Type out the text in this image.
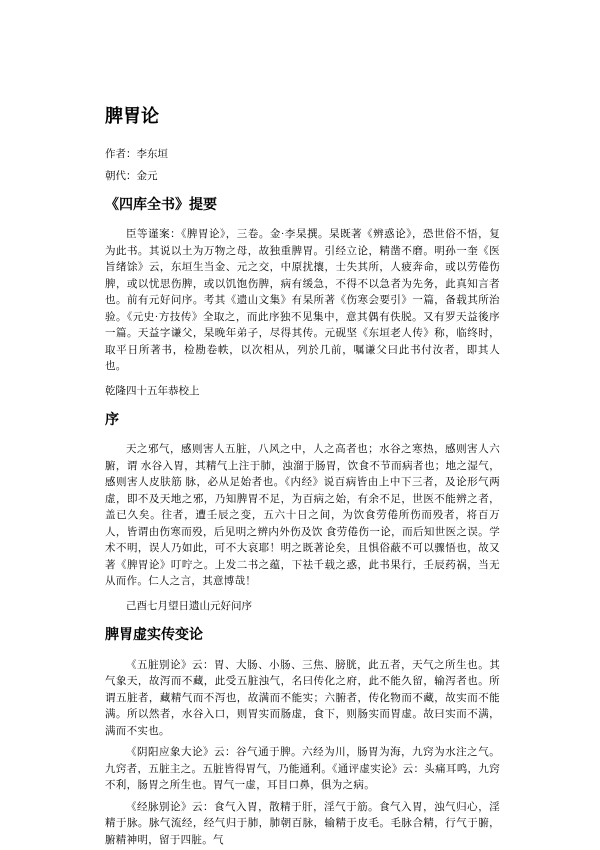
脾胃论

作者：李东垣

朝代：金元

《四库全书》提要

臣等谨案：《脾胃论》，三卷。金·李杲撰。杲既著《辨惑论》，恐世俗不悟，复为此书。其说以土为万物之母，故独重脾胃。引经立论，精凿不磨。明孙一奎《医旨绪馀》云，东垣生当金、元之交，中原扰攘，士失其所，人疲奔命，或以劳倦伤脾，或以忧思伤脾，或以饥饱伤脾，病有缓急，不得不以急者为先务，此真知言者也。前有元好问序。考其《遗山文集》有杲所著《伤寒会要引》一篇，备载其所治验。《元史·方技传》全取之，而此序独不见集中，意其偶有佚脱。又有罗天益後序一篇。天益字谦父，杲晚年弟子，尽得其传。元砚坚《东垣老人传》称，临终时，取平日所著书，检勘卷帙，以次相从，列於几前，嘱谦父曰此书付汝者，即其人也。

乾隆四十五年恭校上

序

天之邪气，感则害人五脏，八风之中，人之高者也；水谷之寒热，感则害人六腑，谓 水谷入胃，其精气上注于肺，浊溜于肠胃，饮食不节而病者也；地之湿气，感则害人皮肤筋 脉，必从足始者也。《内经》说百病皆由上中下三者，及论形气两虚，即不及天地之邪，乃知脾胃不足，为百病之始，有余不足，世医不能辨之者，盖已久矣。往者，遭壬辰之变，五六十日之间，为饮食劳倦所伤而殁者，将百万人，皆谓由伤寒而殁，后见明之辨内外伤及饮 食劳倦伤一论，而后知世医之误。学术不明，误人乃如此，可不大哀耶！明之既著论矣，且惧俗蔽不可以骤悟也，故又著《脾胃论》叮咛之。上发二书之蕴，下祛千载之惑，此书果行，壬辰药祸，当无从而作。仁人之言，其意博哉！

己酉七月望日遗山元好问序

脾胃虚实传变论

《五脏别论》云：胃、大肠、小肠、三焦、膀胱，此五者，天气之所生也。其气象天，故泻而不藏，此受五脏浊气，名曰传化之府，此不能久留，输泻者也。所谓五脏者，藏精气而不泻也，故满而不能实；六腑者，传化物而不藏，故实而不能满。所以然者，水谷入口，则胃实而肠虚，食下，则肠实而胃虚。故曰实而不满，满而不实也。

《阴阳应象大论》云：谷气通于脾。六经为川，肠胃为海，九窍为水注之气。九窍者，五脏主之。五脏皆得胃气，乃能通利。《通评虚实论》云：头痛耳鸣，九窍不利，肠胃之所生也。胃气一虚，耳目口鼻，俱为之病。

《经脉别论》云：食气入胃，散精于肝，淫气于筋。食气入胃，浊气归心，淫 精于脉。脉气流经，经气归于肺，肺朝百脉，输精于皮毛。毛脉合精，行气于腑，腑精神明，留于四脏。气
